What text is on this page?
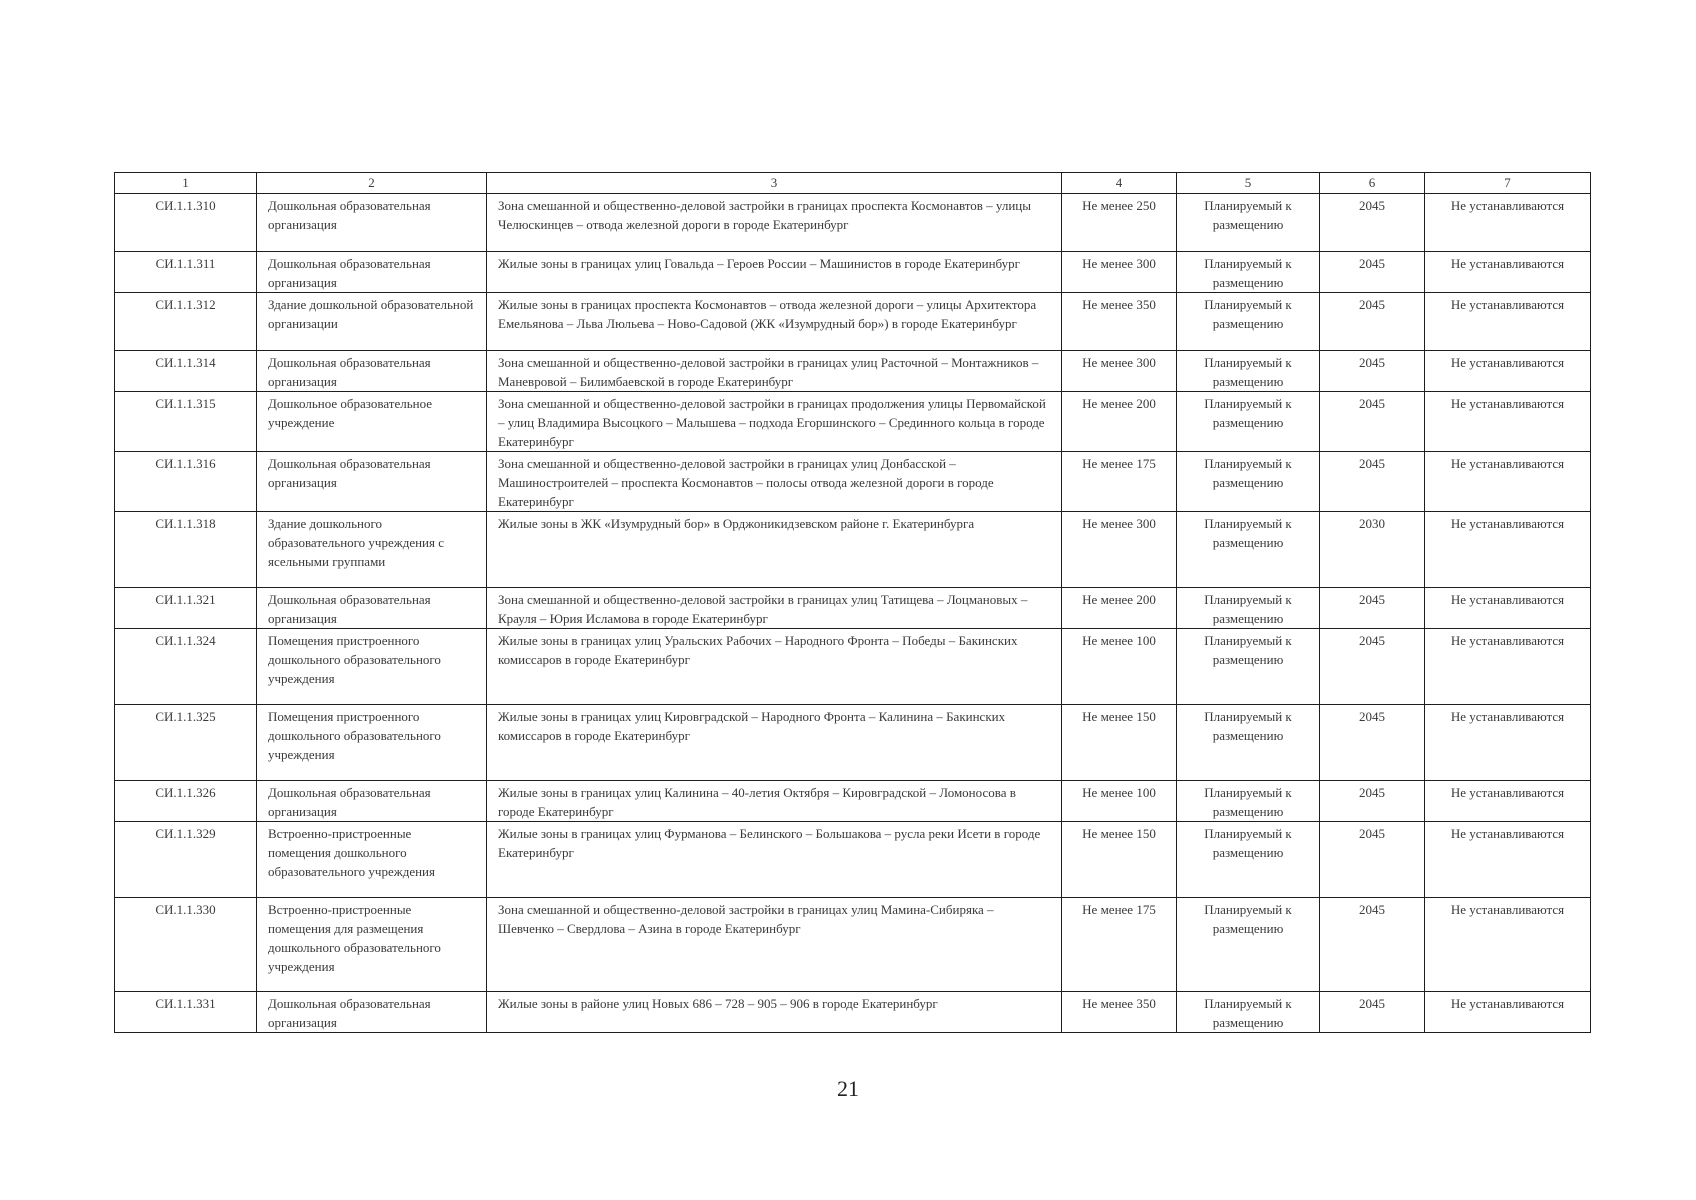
1	2	3	4	5	6	7
СИ.1.1.310	Дошкольная образовательная организация	Зона смешанной и общественно-деловой застройки в границах проспекта Космонавтов – улицы Челюскинцев – отвода железной дороги в городе Екатеринбург	Не менее 250	Планируемый к размещению	2045	Не устанавливаются
СИ.1.1.311	Дошкольная образовательная организация	Жилые зоны в границах улиц Говальда – Героев России – Машинистов в городе Екатеринбург	Не менее 300	Планируемый к размещению	2045	Не устанавливаются
СИ.1.1.312	Здание дошкольной образовательной организации	Жилые зоны в границах проспекта Космонавтов – отвода железной дороги – улицы Архитектора Емельянова – Льва Люльева – Ново-Садовой (ЖК «Изумрудный бор») в городе Екатеринбург	Не менее 350	Планируемый к размещению	2045	Не устанавливаются
СИ.1.1.314	Дошкольная образовательная организация	Зона смешанной и общественно-деловой застройки в границах улиц Расточной – Монтажников – Маневровой – Билимбаевской в городе Екатеринбург	Не менее 300	Планируемый к размещению	2045	Не устанавливаются
СИ.1.1.315	Дошкольное образовательное учреждение	Зона смешанной и общественно-деловой застройки в границах продолжения улицы Первомайской – улиц Владимира Высоцкого – Малышева – подхода Егоршинского – Срединного кольца в городе Екатеринбург	Не менее 200	Планируемый к размещению	2045	Не устанавливаются
СИ.1.1.316	Дошкольная образовательная организация	Зона смешанной и общественно-деловой застройки в границах улиц Донбасской – Машиностроителей – проспекта Космонавтов – полосы отвода железной дороги в городе Екатеринбург	Не менее 175	Планируемый к размещению	2045	Не устанавливаются
СИ.1.1.318	Здание дошкольного образовательного учреждения с ясельными группами	Жилые зоны в ЖК «Изумрудный бор» в Орджоникидзевском районе г. Екатеринбурга	Не менее 300	Планируемый к размещению	2030	Не устанавливаются
СИ.1.1.321	Дошкольная образовательная организация	Зона смешанной и общественно-деловой застройки в границах улиц Татищева – Лоцмановых – Крауля – Юрия Исламова в городе Екатеринбург	Не менее 200	Планируемый к размещению	2045	Не устанавливаются
СИ.1.1.324	Помещения пристроенного дошкольного образовательного учреждения	Жилые зоны в границах улиц Уральских Рабочих – Народного Фронта – Победы – Бакинских комиссаров в городе Екатеринбург	Не менее 100	Планируемый к размещению	2045	Не устанавливаются
СИ.1.1.325	Помещения пристроенного дошкольного образовательного учреждения	Жилые зоны в границах улиц Кировградской – Народного Фронта – Калинина – Бакинских комиссаров в городе Екатеринбург	Не менее 150	Планируемый к размещению	2045	Не устанавливаются
СИ.1.1.326	Дошкольная образовательная организация	Жилые зоны в границах улиц Калинина – 40-летия Октября – Кировградской – Ломоносова в городе Екатеринбург	Не менее 100	Планируемый к размещению	2045	Не устанавливаются
СИ.1.1.329	Встроенно-пристроенные помещения дошкольного образовательного учреждения	Жилые зоны в границах улиц Фурманова – Белинского – Большакова – русла реки Исети в городе Екатеринбург	Не менее 150	Планируемый к размещению	2045	Не устанавливаются
СИ.1.1.330	Встроенно-пристроенные помещения для размещения дошкольного образовательного учреждения	Зона смешанной и общественно-деловой застройки в границах улиц Мамина-Сибиряка – Шевченко – Свердлова – Азина в городе Екатеринбург	Не менее 175	Планируемый к размещению	2045	Не устанавливаются
СИ.1.1.331	Дошкольная образовательная организация	Жилые зоны в районе улиц Новых 686 – 728 – 905 – 906 в городе Екатеринбург	Не менее 350	Планируемый к размещению	2045	Не устанавливаются
21
